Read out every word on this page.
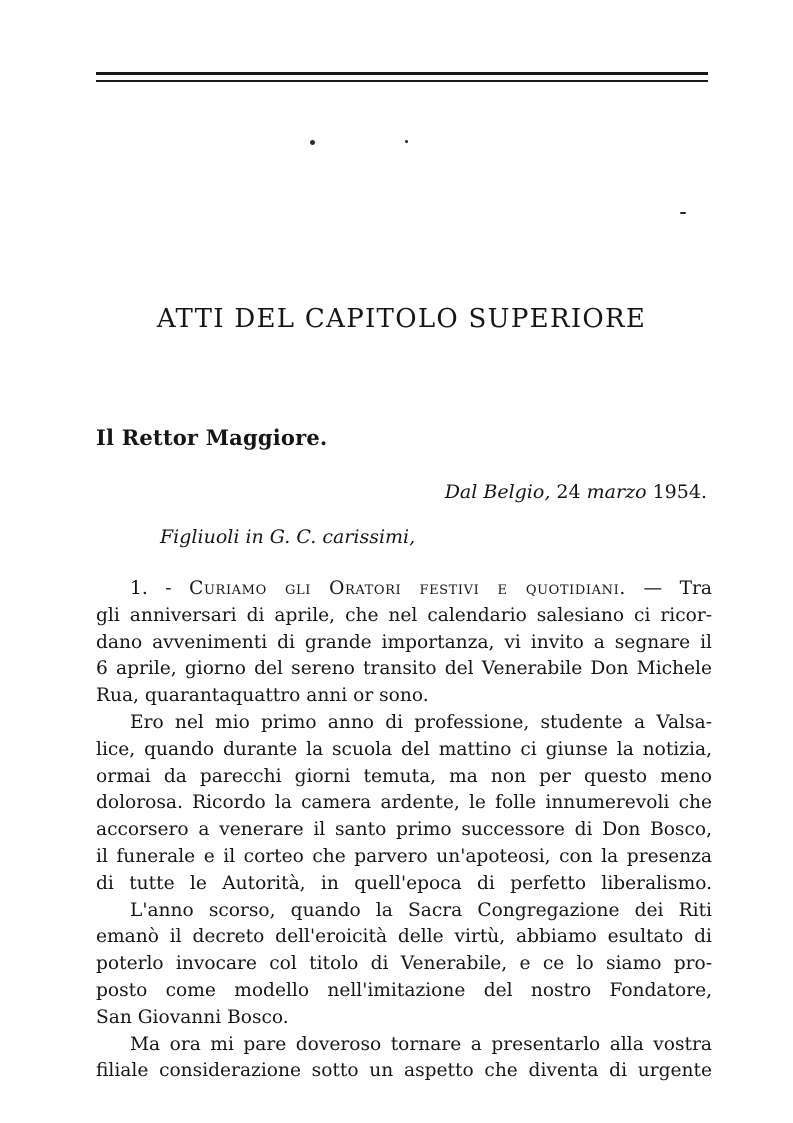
ATTI DEL CAPITOLO SUPERIORE
Il Rettor Maggiore.
Dal Belgio, 24 marzo 1954.
Figliuoli in G. C. carissimi,
1. - Curiamo gli Oratori festivi e quotidiani. — Tra
gli anniversari di aprile, che nel calendario salesiano ci ricor-
dano avvenimenti di grande importanza, vi invito a segnare il
6 aprile, giorno del sereno transito del Venerabile Don Michele
Rua, quarantaquattro anni or sono.
Ero nel mio primo anno di professione, studente a Valsa-
lice, quando durante la scuola del mattino ci giunse la notizia,
ormai da parecchi giorni temuta, ma non per questo meno
dolorosa. Ricordo la camera ardente, le folle innumerevoli che
accorsero a venerare il santo primo successore di Don Bosco,
il funerale e il corteo che parvero un'apoteosi, con la presenza
di tutte le Autorità, in quell'epoca di perfetto liberalismo.
L'anno scorso, quando la Sacra Congregazione dei Riti
emanò il decreto dell'eroicità delle virtù, abbiamo esultato di
poterlo invocare col titolo di Venerabile, e ce lo siamo pro-
posto come modello nell'imitazione del nostro Fondatore,
San Giovanni Bosco.
Ma ora mi pare doveroso tornare a presentarlo alla vostra
filiale considerazione sotto un aspetto che diventa di urgente
